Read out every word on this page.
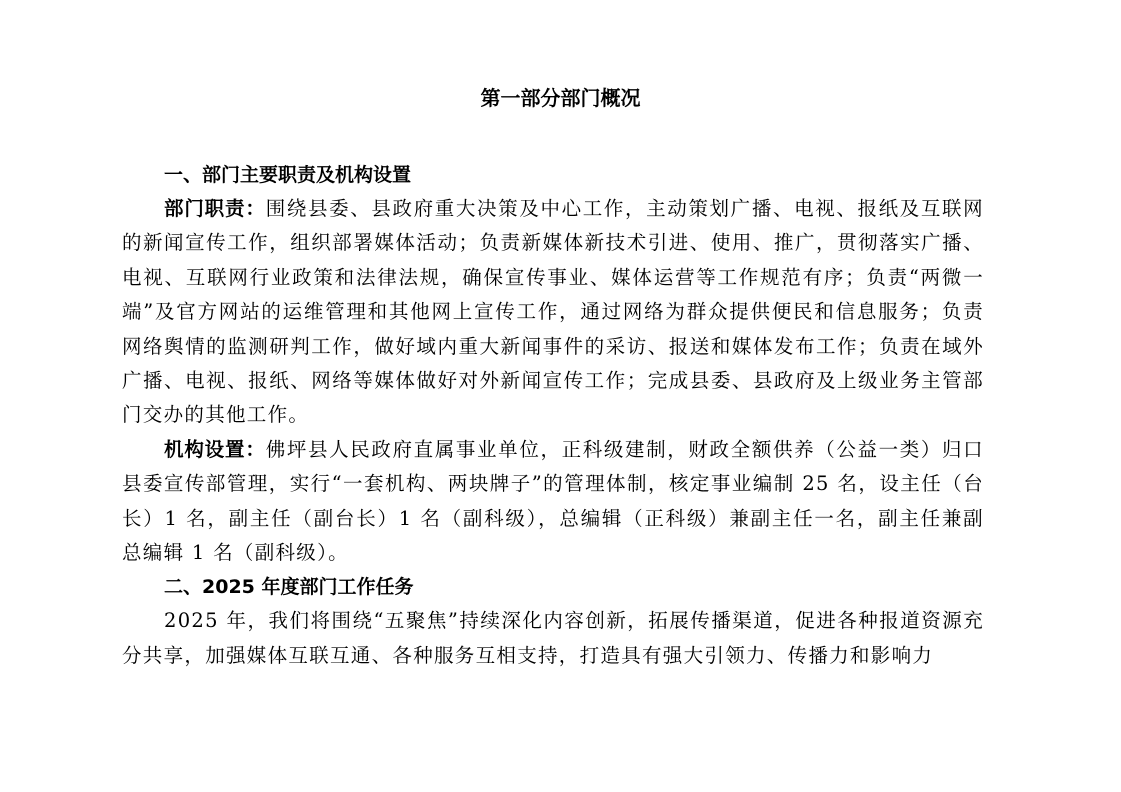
第一部分部门概况
一、部门主要职责及机构设置

部门职责：围绕县委、县政府重大决策及中心工作，主动策划广播、电视、报纸及互联网的新闻宣传工作，组织部署媒体活动；负责新媒体新技术引进、使用、推广，贯彻落实广播、电视、互联网行业政策和法律法规，确保宣传事业、媒体运营等工作规范有序；负责“两微一端”及官方网站的运维管理和其他网上宣传工作，通过网络为群众提供便民和信息服务；负责网络舆情的监测研判工作，做好域内重大新闻事件的采访、报送和媒体发布工作；负责在域外广播、电视、报纸、网络等媒体做好对外新闻宣传工作；完成县委、县政府及上级业务主管部门交办的其他工作。

机构设置：佛坪县人民政府直属事业单位，正科级建制，财政全额供养（公益一类）归口县委宣传部管理，实行“一套机构、两块牌子”的管理体制，核定事业编制 25 名，设主任（台长）1 名，副主任（副台长）1 名（副科级），总编辑（正科级）兼副主任一名，副主任兼副总编辑 1 名（副科级）。

二、2025 年度部门工作任务

2025 年，我们将围绕“五聚焦”持续深化内容创新，拓展传播渠道，促进各种报道资源充分共享，加强媒体互联互通、各种服务互相支持，打造具有强大引领力、传播力和影响力
